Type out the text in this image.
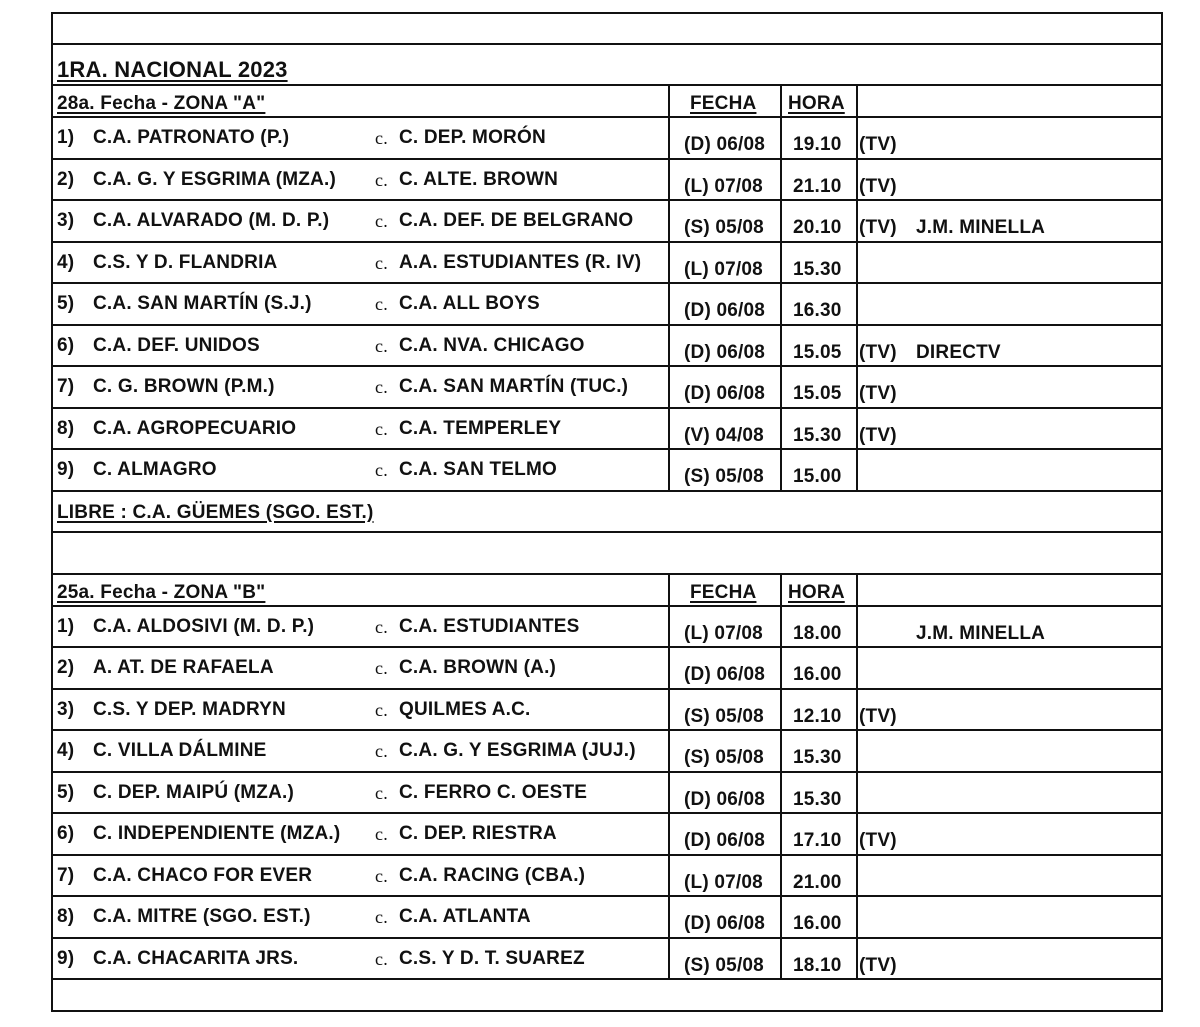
1RA. NACIONAL 2023
28a. Fecha - ZONA "A"	FECHA HORA
1) C.A. PATRONATO (P.)	c. C. DEP. MORÓN	(D) 06/08 19.10 (TV)
2) C.A. G. Y ESGRIMA (MZA.) c. C. ALTE. BROWN	(L) 07/08 21.10 (TV)
3) C.A. ALVARADO (M. D. P.)	c. C.A. DEF. DE BELGRANO	(S) 05/08 20.10 (TV) J.M. MINELLA
4) C.S. Y D. FLANDRIA	c. A.A. ESTUDIANTES (R. IV) (L) 07/08 15.30
5) C.A. SAN MARTÍN (S.J.)	c. C.A. ALL BOYS	(D) 06/08 16.30
6) C.A. DEF. UNIDOS	c. C.A. NVA. CHICAGO	(D) 06/08 15.05 (TV) DIRECTV
7) C. G. BROWN (P.M.)	c. C.A. SAN MARTÍN (TUC.)	(D) 06/08 15.05 (TV)
8) C.A. AGROPECUARIO	c. C.A. TEMPERLEY	(V) 04/08 15.30 (TV)
9) C. ALMAGRO	c. C.A. SAN TELMO	(S) 05/08 15.00
LIBRE : C.A. GÜEMES (SGO. EST.)
25a. Fecha - ZONA "B"	FECHA HORA
1) C.A. ALDOSIVI (M. D. P.)	c. C.A. ESTUDIANTES	(L) 07/08 18.00	J.M. MINELLA
2) A. AT. DE RAFAELA	c. C.A. BROWN (A.)	(D) 06/08 16.00
3) C.S. Y DEP. MADRYN	c. QUILMES A.C.	(S) 05/08 12.10 (TV)
4) C. VILLA DÁLMINE	c. C.A. G. Y ESGRIMA (JUJ.)	(S) 05/08 15.30
5) C. DEP. MAIPÚ (MZA.)	c. C. FERRO C. OESTE	(D) 06/08 15.30
6) C. INDEPENDIENTE (MZA.) c. C. DEP. RIESTRA	(D) 06/08 17.10 (TV)
7) C.A. CHACO FOR EVER	c. C.A. RACING (CBA.)	(L) 07/08 21.00
8) C.A. MITRE (SGO. EST.)	c. C.A. ATLANTA	(D) 06/08 16.00
9) C.A. CHACARITA JRS.	c. C.S. Y D. T. SUAREZ	(S) 05/08 18.10 (TV)
